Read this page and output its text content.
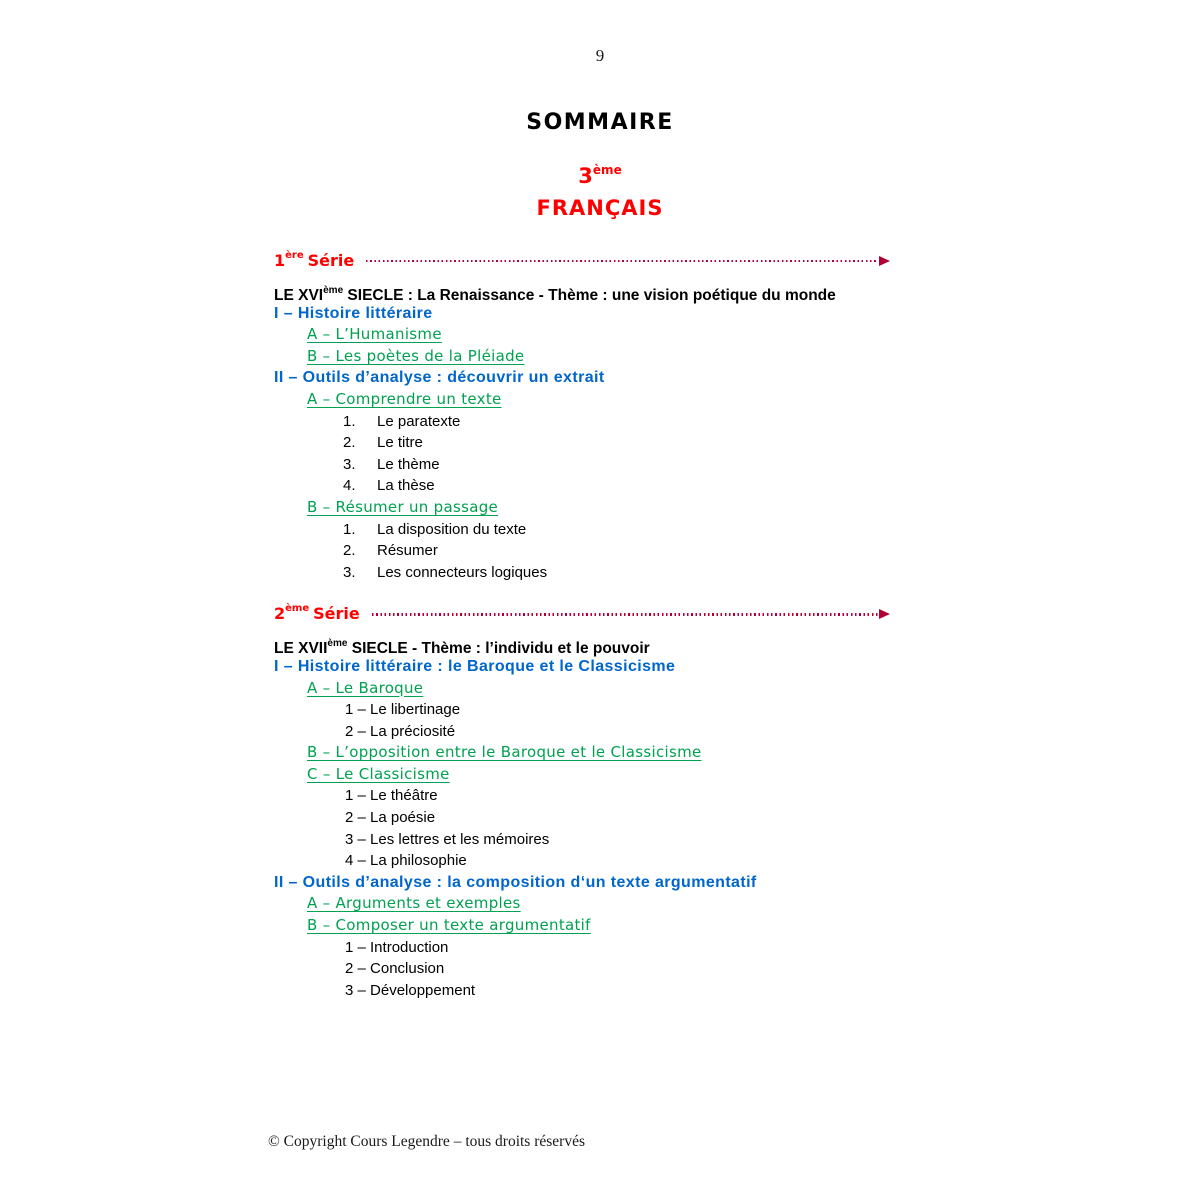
9
SOMMAIRE
3ème
FRANÇAIS
1ère Série
LE XVIème SIECLE : La Renaissance - Thème : une vision poétique du monde
I – Histoire littéraire
A – L’Humanisme
B – Les poètes de la Pléiade
II – Outils d’analyse : découvrir un extrait
A – Comprendre un texte
1. Le paratexte
2. Le titre
3. Le thème
4. La thèse
B – Résumer un passage
1. La disposition du texte
2. Résumer
3. Les connecteurs logiques
2ème Série
LE XVIIème SIECLE - Thème : l’individu et le pouvoir
I – Histoire littéraire : le Baroque et le Classicisme
A – Le Baroque
1 – Le libertinage
2 – La préciosité
B – L’opposition entre le Baroque et le Classicisme
C – Le Classicisme
1 – Le théâtre
2 – La poésie
3 – Les lettres et les mémoires
4 – La philosophie
II – Outils d’analyse : la composition d‘un texte argumentatif
A – Arguments et exemples
B – Composer un texte argumentatif
1 – Introduction
2 – Conclusion
3 – Développement
© Copyright Cours Legendre – tous droits réservés
